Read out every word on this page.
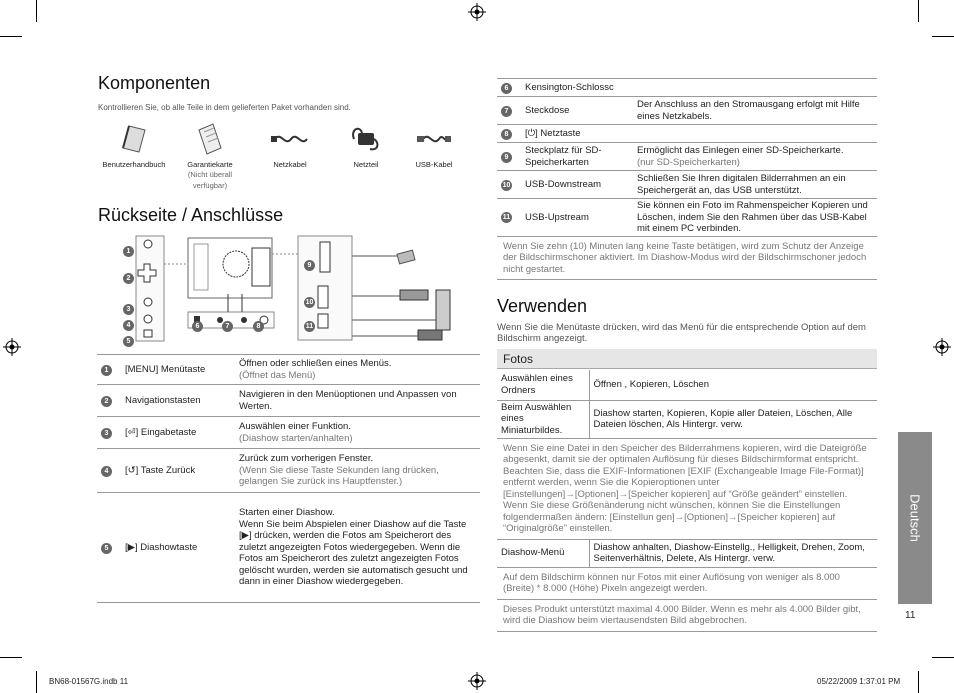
Komponenten
Kontrollieren Sie, ob alle Teile in dem gelieferten Paket vorhanden sind.
Benutzerhandbuch	Garantiekarte
(Nicht überall verfügbar)
Netzkabel	Netzteil	USB-Kabel
Rückseite / Anschlüsse
1
2
3
4
5
6	7	8
9
10
11
1	[MENU] Menütaste	Öffnen oder schließen eines Menüs.
(Öffnet das Menü)
2	Navigationstasten	Navigieren in den Menüoptionen und Anpassen von Werten.
3	[⏎] Eingabetaste	Auswählen einer Funktion.
(Diashow starten/anhalten)
4	[↺] Taste Zurück	Zurück zum vorherigen Fenster.
(Wenn Sie diese Taste Sekunden lang drücken, gelangen Sie zurück ins Hauptfenster.)
5	[▶] Diashowtaste	Starten einer Diashow.
Wenn Sie beim Abspielen einer Diashow auf die Taste [▶] drücken, werden die Fotos am Speicherort des zuletzt angezeigten Fotos wiedergegeben. Wenn die Fotos am Speicherort des zuletzt angezeigten Fotos gelöscht wurden, werden sie automatisch gesucht und dann in einer Diashow wiedergegeben.
6	Kensington-Schlossc	
7	Steckdose	Der Anschluss an den Stromausgang erfolgt mit Hilfe eines Netzkabels.
8	[⏻] Netztaste	
9	Steckplatz für SD-Speicherkarten	Ermöglicht das Einlegen einer SD-Speicherkarte.
(nur SD-Speicherkarten)
10	USB-Downstream	Schließen Sie Ihren digitalen Bilderrahmen an ein Speichergerät an, das USB unterstützt.
11	USB-Upstream	Sie können ein Foto im Rahmenspeicher Kopieren und Löschen, indem Sie den Rahmen über das USB-Kabel mit einem PC verbinden.
Wenn Sie zehn (10) Minuten lang keine Taste betätigen, wird zum Schutz der Anzeige der Bildschirmschoner aktiviert. Im Diashow-Modus wird der Bildschirmschoner jedoch nicht gestartet.		
Verwenden
Wenn Sie die Menütaste drücken, wird das Menü für die entsprechende Option auf dem Bildschirm angezeigt.
Fotos
Auswählen eines Ordners	Öffnen , Kopieren, Löschen
Beim Auswählen eines Miniaturbildes.	Diashow starten, Kopieren, Kopie aller Dateien, Löschen, Alle Dateien löschen, Als Hintergr. verw.
Wenn Sie eine Datei in den Speicher des Bilderrahmens kopieren, wird die Dateigröße abgesenkt, damit sie der optimalen Auflösung für dieses Bildschirmformat entspricht. Beachten Sie, dass die EXIF-Informationen [EXIF (Exchangeable Image File-Format)] entfernt werden, wenn Sie die Kopieroptionen unter [Einstellungen]→[Optionen]→[Speicher kopieren] auf “Größe geändert” einstellen. Wenn Sie diese Größenänderung nicht wünschen, können Sie die Einstellungen folgendermaßen ändern: [Einstellun gen]→[Optionen]→[Speicher kopieren] auf “Originalgröße” einstellen.	
Diashow-Menü	Diashow anhalten, Diashow-Einstellg., Helligkeit, Drehen, Zoom, Seitenverhältnis, Delete, Als Hintergr. verw.
Auf dem Bildschirm können nur Fotos mit einer Auflösung von weniger als 8.000 (Breite) * 8.000 (Höhe) Pixeln angezeigt werden.	
Dieses Produkt unterstützt maximal 4.000 Bilder. Wenn es mehr als 4.000 Bilder gibt, wird die Diashow beim viertausendsten Bild abgebrochen.	
Deutsch
11
BN68-01567G.indb 11	05/22/2009 1:37:01 PM
